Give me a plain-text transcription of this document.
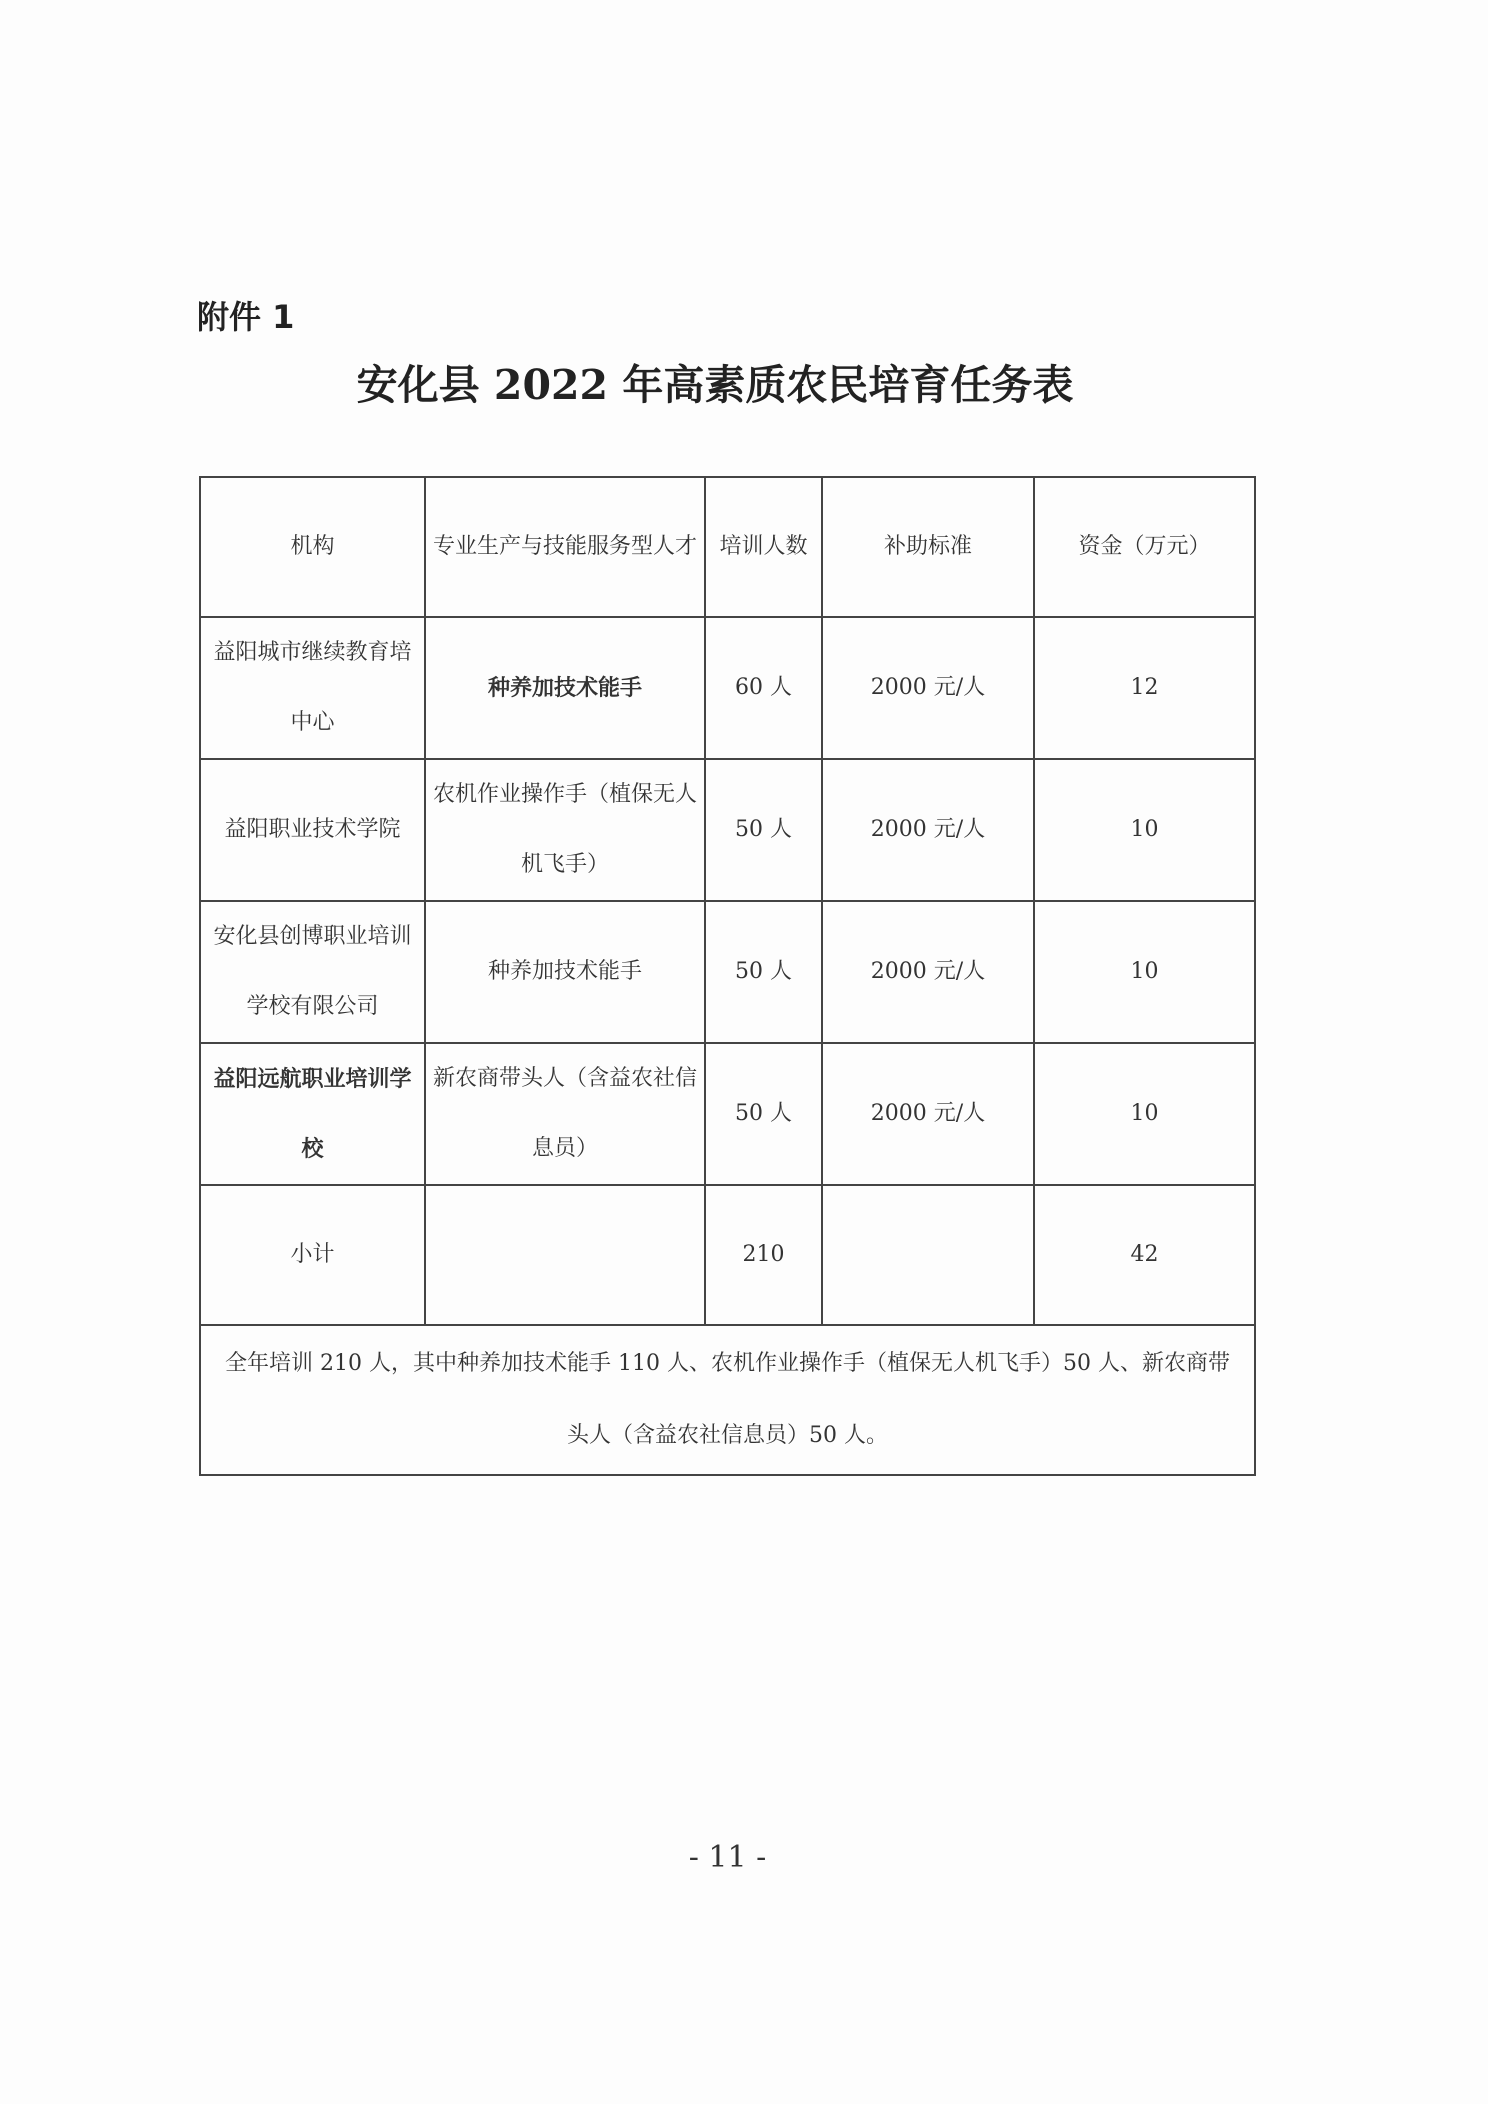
附件 1
安化县 2022 年高素质农民培育任务表
机构	专业生产与技能服务型人才	培训人数	补助标准	资金（万元）
益阳城市继续教育培中心	种养加技术能手	60 人	2000 元/人	12
益阳职业技术学院	农机作业操作手（植保无人机飞手）	50 人	2000 元/人	10
安化县创博职业培训学校有限公司	种养加技术能手	50 人	2000 元/人	10
益阳远航职业培训学校	新农商带头人（含益农社信息员）	50 人	2000 元/人	10
小计		210		42
全年培训 210 人，其中种养加技术能手 110 人、农机作业操作手（植保无人机飞手）50 人、新农商带头人（含益农社信息员）50 人。				
- 11 -
